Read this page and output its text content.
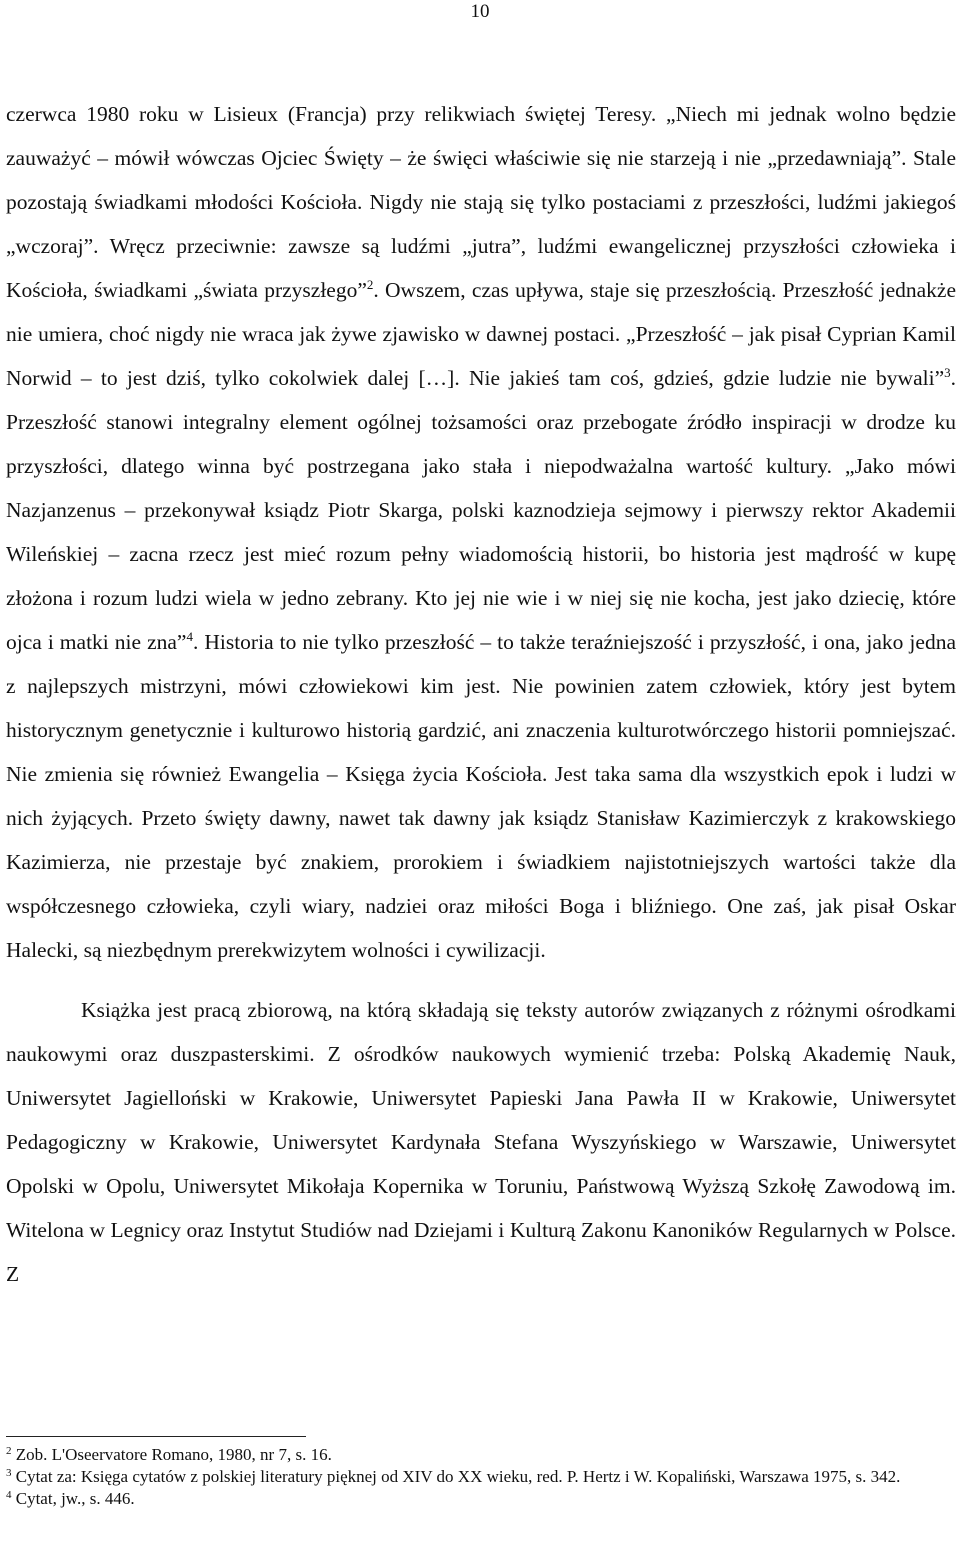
10

czerwca 1980 roku w Lisieux (Francja) przy relikwiach świętej Teresy. „Niech mi jednak wolno będzie zauważyć – mówił wówczas Ojciec Święty – że święci właściwie się nie starzeją i nie „przedawniają”. Stale pozostają świadkami młodości Kościoła. Nigdy nie stają się tylko postaciami z przeszłości, ludźmi jakiegoś „wczoraj”. Wręcz przeciwnie: zawsze są ludźmi „jutra”, ludźmi ewangelicznej przyszłości człowieka i Kościoła, świadkami „świata przyszłego”$^2$. Owszem, czas upływa, staje się przeszłością. Przeszłość jednakże nie umiera, choć nigdy nie wraca jak żywe zjawisko w dawnej postaci. „Przeszłość – jak pisał Cyprian Kamil Norwid – to jest dziś, tylko cokolwiek dalej […]. Nie jakieś tam coś, gdzieś, gdzie ludzie nie bywali”$^3$. Przeszłość stanowi integralny element ogólnej tożsamości oraz przebogate źródło inspiracji w drodze ku przyszłości, dlatego winna być postrzegana jako stała i niepodważalna wartość kultury. „Jako mówi Nazjanzenus – przekonywał ksiądz Piotr Skarga, polski kaznodzieja sejmowy i pierwszy rektor Akademii Wileńskiej – zacna rzecz jest mieć rozum pełny wiadomością historii, bo historia jest mądrość w kupę złożona i rozum ludzi wiela w jedno zebrany. Kto jej nie wie i w niej się nie kocha, jest jako dziecię, które ojca i matki nie zna”$^4$. Historia to nie tylko przeszłość – to także teraźniejszość i przyszłość, i ona, jako jedna z najlepszych mistrzyni, mówi człowiekowi kim jest. Nie powinien zatem człowiek, który jest bytem historycznym genetycznie i kulturowo historią gardzić, ani znaczenia kulturotwórczego historii pomniejszać. Nie zmienia się również Ewangelia – Księga życia Kościoła. Jest taka sama dla wszystkich epok i ludzi w nich żyjących. Przeto święty dawny, nawet tak dawny jak ksiądz Stanisław Kazimierczyk z krakowskiego Kazimierza, nie przestaje być znakiem, prorokiem i świadkiem najistotniejszych wartości także dla współczesnego człowieka, czyli wiary, nadziei oraz miłości Boga i bliźniego. One zaś, jak pisał Oskar Halecki, są niezbędnym prerekwizytem wolności i cywilizacji.

Książka jest pracą zbiorową, na którą składają się teksty autorów związanych z różnymi ośrodkami naukowymi oraz duszpasterskimi. Z ośrodków naukowych wymienić trzeba: Polską Akademię Nauk, Uniwersytet Jagielloński w Krakowie, Uniwersytet Papieski Jana Pawła II w Krakowie, Uniwersytet Pedagogiczny w Krakowie, Uniwersytet Kardynała Stefana Wyszyńskiego w Warszawie, Uniwersytet Opolski w Opolu, Uniwersytet Mikołaja Kopernika w Toruniu, Państwową Wyższą Szkołę Zawodową im. Witelona w Legnicy oraz Instytut Studiów nad Dziejami i Kulturą Zakonu Kanoników Regularnych w Polsce. Z

$^2$ Zob. L'Oseervatore Romano, 1980, nr 7, s. 16.

$^3$ Cytat za: Księga cytatów z polskiej literatury pięknej od XIV do XX wieku, red. P. Hertz i W. Kopaliński, Warszawa 1975, s. 342.

$^4$ Cytat, jw., s. 446.
